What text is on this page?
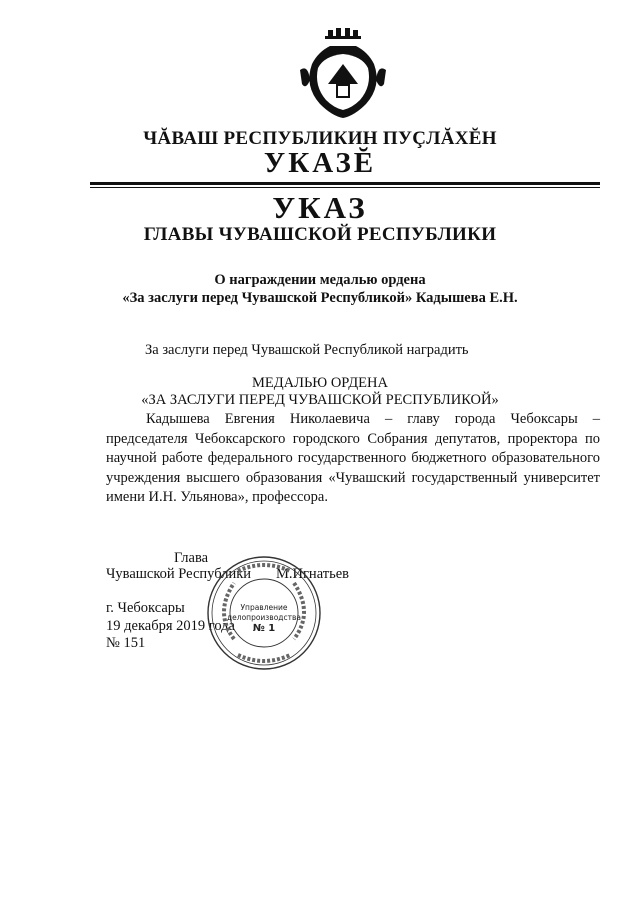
ЧĂВАШ РЕСПУБЛИКИН ПУÇЛĂХĔН
УКАЗĔ
УКАЗ
ГЛАВЫ ЧУВАШСКОЙ РЕСПУБЛИКИ
О награждении медалью ордена
«За заслуги перед Чувашской Республикой» Кадышева Е.Н.
За заслуги перед Чувашской Республикой наградить
МЕДАЛЬЮ ОРДЕНА
«ЗА ЗАСЛУГИ ПЕРЕД ЧУВАШСКОЙ РЕСПУБЛИКОЙ»
Кадышева Евгения Николаевича – главу города Чебоксары – председателя Чебоксарского городского Собрания депутатов, проректора по научной работе федерального государственного бюджетного образовательного учреждения высшего образования «Чувашский государственный университет имени И.Н. Ульянова», профессора.
Глава
Чувашской Республики М.Игнатьев
г. Чебоксары
19 декабря 2019 года
№ 151
Управление
делопроизводства
№ 1
